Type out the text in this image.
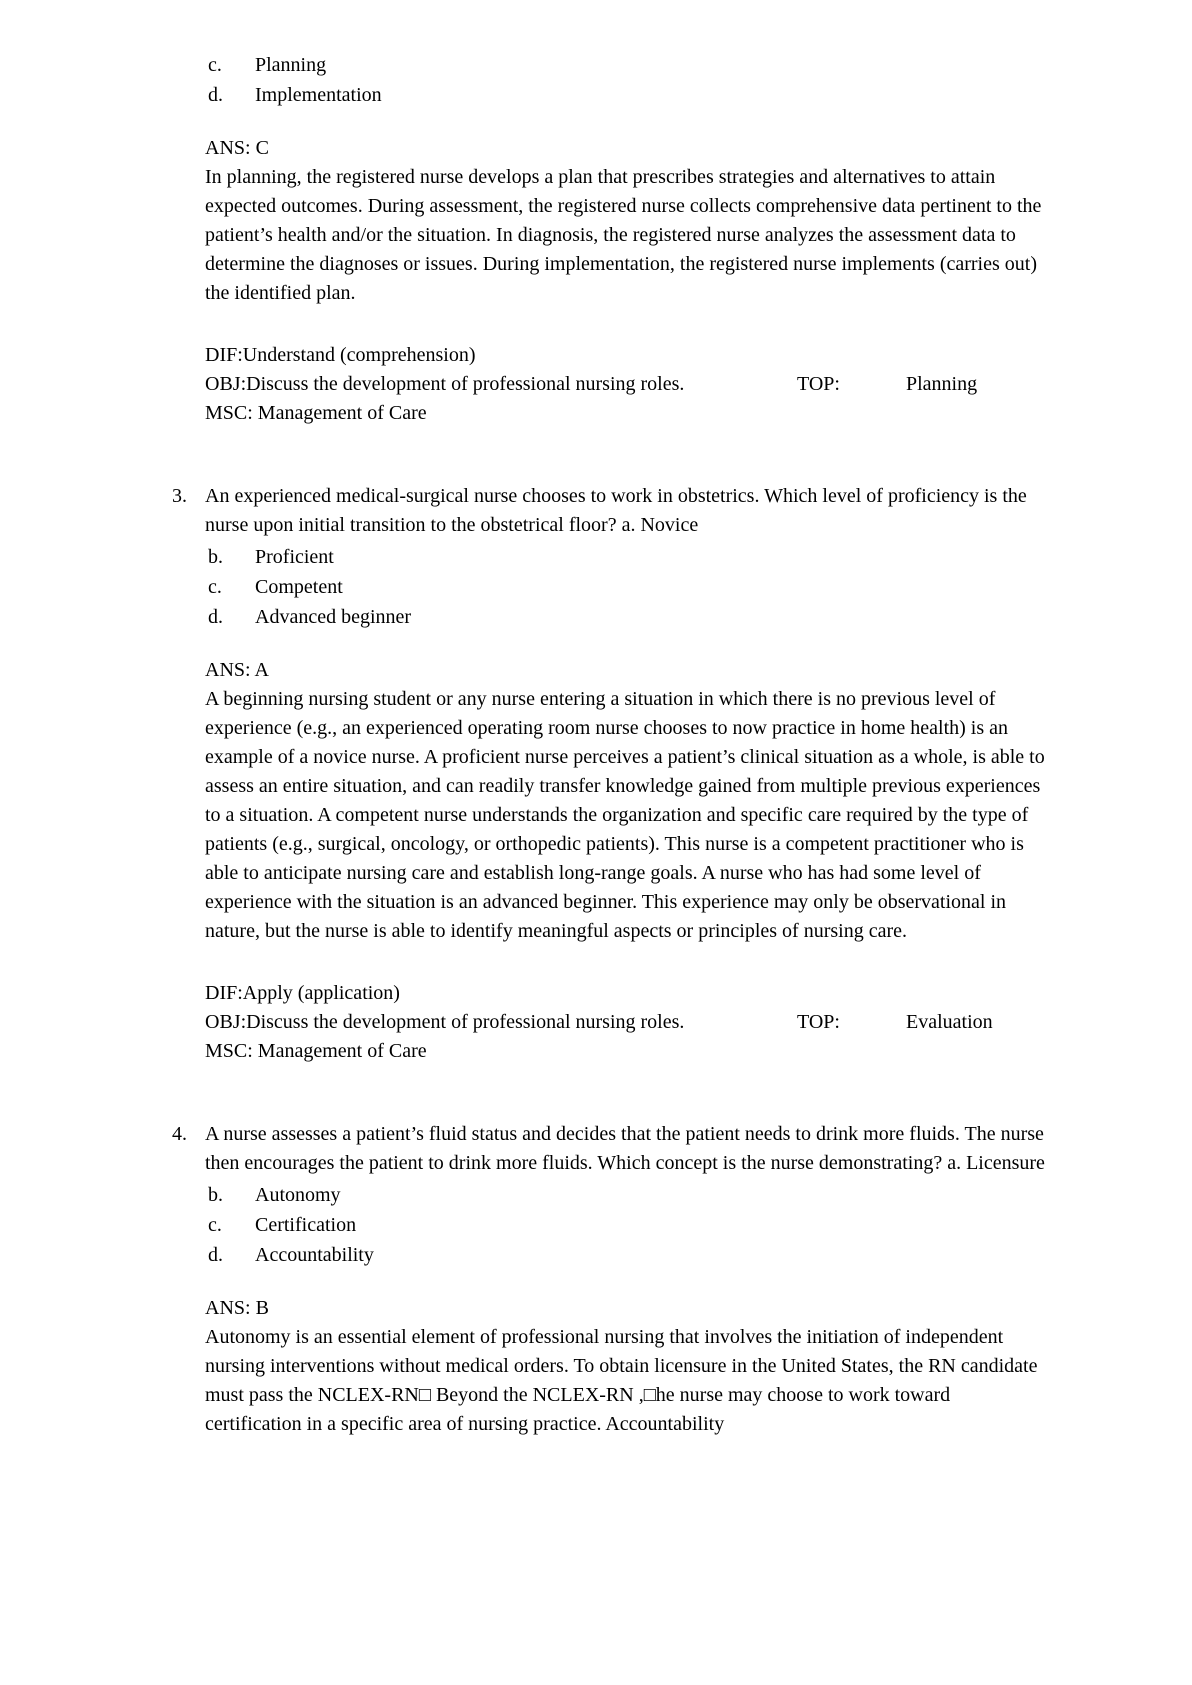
c.	Planning
d.	Implementation
ANS: C

In planning, the registered nurse develops a plan that prescribes strategies and alternatives to attain expected outcomes. During assessment, the registered nurse collects comprehensive data pertinent to the patient’s health and/or the situation. In diagnosis, the registered nurse analyzes the assessment data to determine the diagnoses or issues. During implementation, the registered nurse implements (carries out) the identified plan.

DIF:Understand (comprehension)
OBJ:Discuss the development of professional nursing roles.	TOP:	Planning
MSC: Management of Care
3. An experienced medical-surgical nurse chooses to work in obstetrics. Which level of proficiency is the nurse upon initial transition to the obstetrical floor? a. Novice
b.	Proficient
c.	Competent
d.	Advanced beginner
ANS: A

A beginning nursing student or any nurse entering a situation in which there is no previous level of experience (e.g., an experienced operating room nurse chooses to now practice in home health) is an example of a novice nurse. A proficient nurse perceives a patient’s clinical situation as a whole, is able to assess an entire situation, and can readily transfer knowledge gained from multiple previous experiences to a situation. A competent nurse understands the organization and specific care required by the type of patients (e.g., surgical, oncology, or orthopedic patients). This nurse is a competent practitioner who is able to anticipate nursing care and establish long-range goals. A nurse who has had some level of experience with the situation is an advanced beginner. This experience may only be observational in nature, but the nurse is able to identify meaningful aspects or principles of nursing care.

DIF:Apply (application)
OBJ:Discuss the development of professional nursing roles.	TOP:	Evaluation
MSC: Management of Care
4. A nurse assesses a patient’s fluid status and decides that the patient needs to drink more fluids. The nurse then encourages the patient to drink more fluids. Which concept is the nurse demonstrating? a. Licensure
b.	Autonomy
c.	Certification
d.	Accountability
ANS: B

Autonomy is an essential element of professional nursing that involves the initiation of independent nursing interventions without medical orders. To obtain licensure in the United States, the RN candidate must pass the NCLEX-RN□ Beyond the NCLEX-RN ,□he nurse may choose to work toward certification in a specific area of nursing practice. Accountability
